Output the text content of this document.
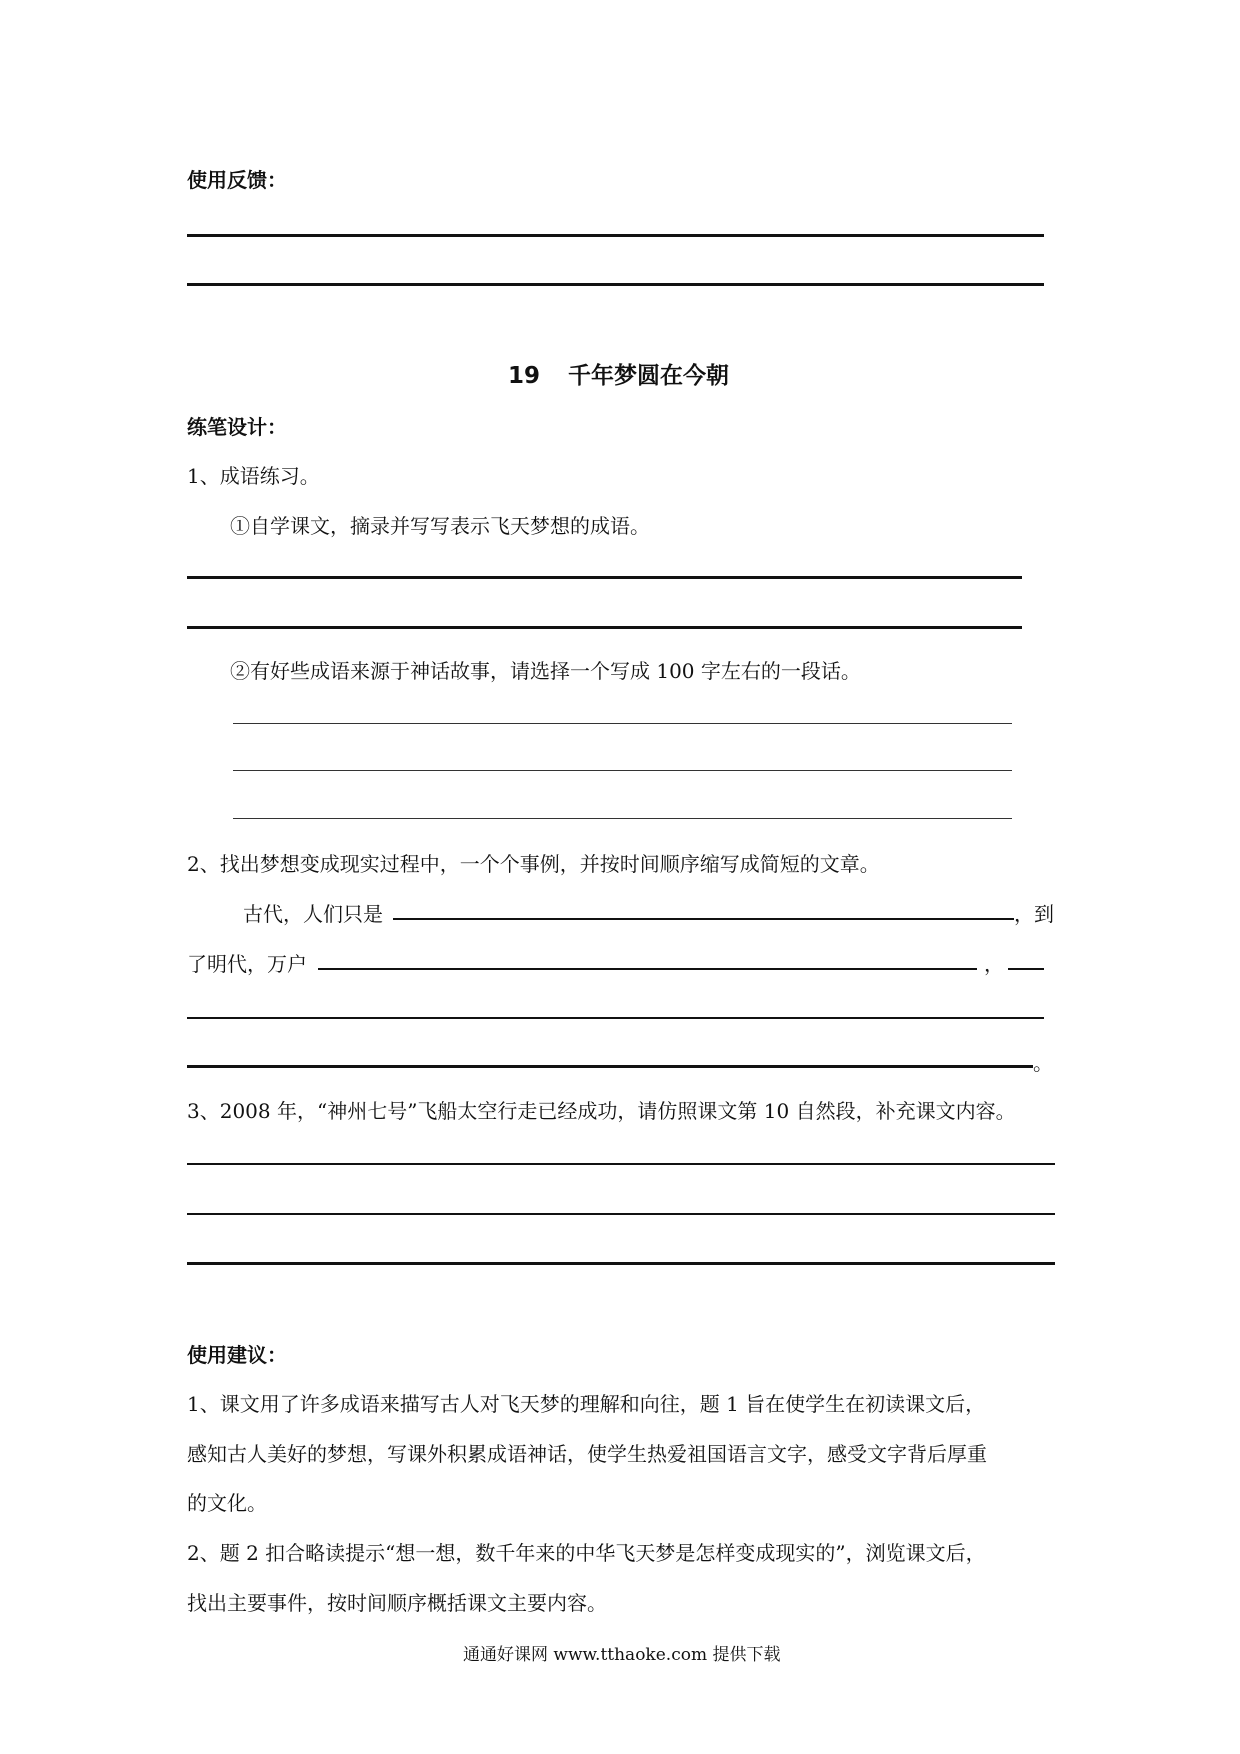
使用反馈：
19 千年梦圆在今朝
练笔设计：
1、成语练习。
①自学课文，摘录并写写表示飞天梦想的成语。
②有好些成语来源于神话故事，请选择一个写成 100 字左右的一段话。
2、找出梦想变成现实过程中，一个个事例，并按时间顺序缩写成简短的文章。
古代，人们只是	，到
了明代，万户	，
。
3、2008 年，“神州七号”飞船太空行走已经成功，请仿照课文第 10 自然段，补充课文内容。
使用建议：
1、课文用了许多成语来描写古人对飞天梦的理解和向往，题 1 旨在使学生在初读课文后，
感知古人美好的梦想，写课外积累成语神话，使学生热爱祖国语言文字，感受文字背后厚重
的文化。
2、题 2 扣合略读提示“想一想，数千年来的中华飞天梦是怎样变成现实的”，浏览课文后，
找出主要事件，按时间顺序概括课文主要内容。
通通好课网 www.tthaoke.com 提供下载
